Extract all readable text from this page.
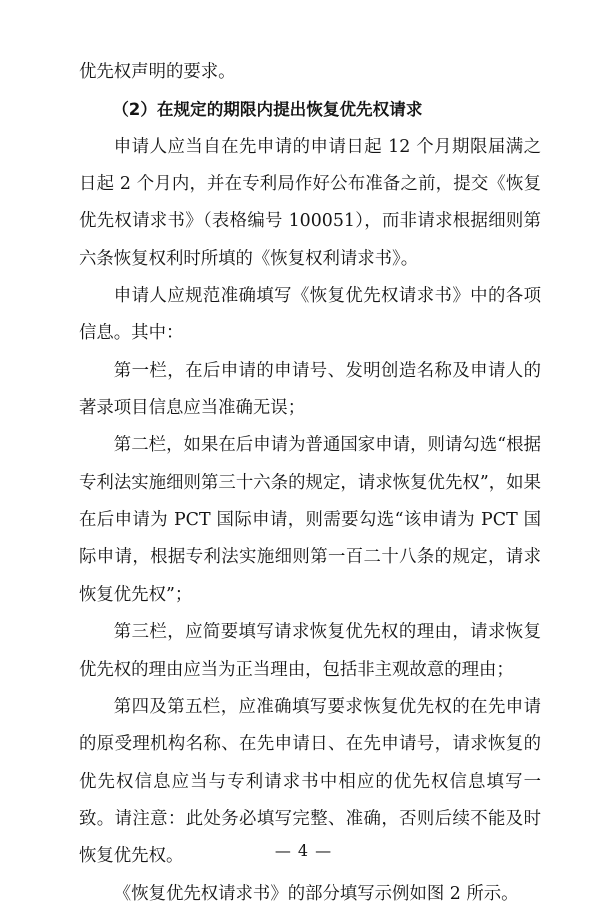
优先权声明的要求。

（2）在规定的期限内提出恢复优先权请求

申请人应当自在先申请的申请日起 12 个月期限届满之日起 2 个月内，并在专利局作好公布准备之前，提交《恢复优先权请求书》（表格编号 100051），而非请求根据细则第六条恢复权利时所填的《恢复权利请求书》。

申请人应规范准确填写《恢复优先权请求书》中的各项信息。其中：

第一栏，在后申请的申请号、发明创造名称及申请人的著录项目信息应当准确无误；

第二栏，如果在后申请为普通国家申请，则请勾选“根据专利法实施细则第三十六条的规定，请求恢复优先权”，如果在后申请为 PCT 国际申请，则需要勾选“该申请为 PCT 国际申请，根据专利法实施细则第一百二十八条的规定，请求恢复优先权”；

第三栏，应简要填写请求恢复优先权的理由，请求恢复优先权的理由应当为正当理由，包括非主观故意的理由；

第四及第五栏，应准确填写要求恢复优先权的在先申请的原受理机构名称、在先申请日、在先申请号，请求恢复的优先权信息应当与专利请求书中相应的优先权信息填写一致。请注意：此处务必填写完整、准确，否则后续不能及时恢复优先权。

《恢复优先权请求书》的部分填写示例如图 2 所示。

— 4 —
